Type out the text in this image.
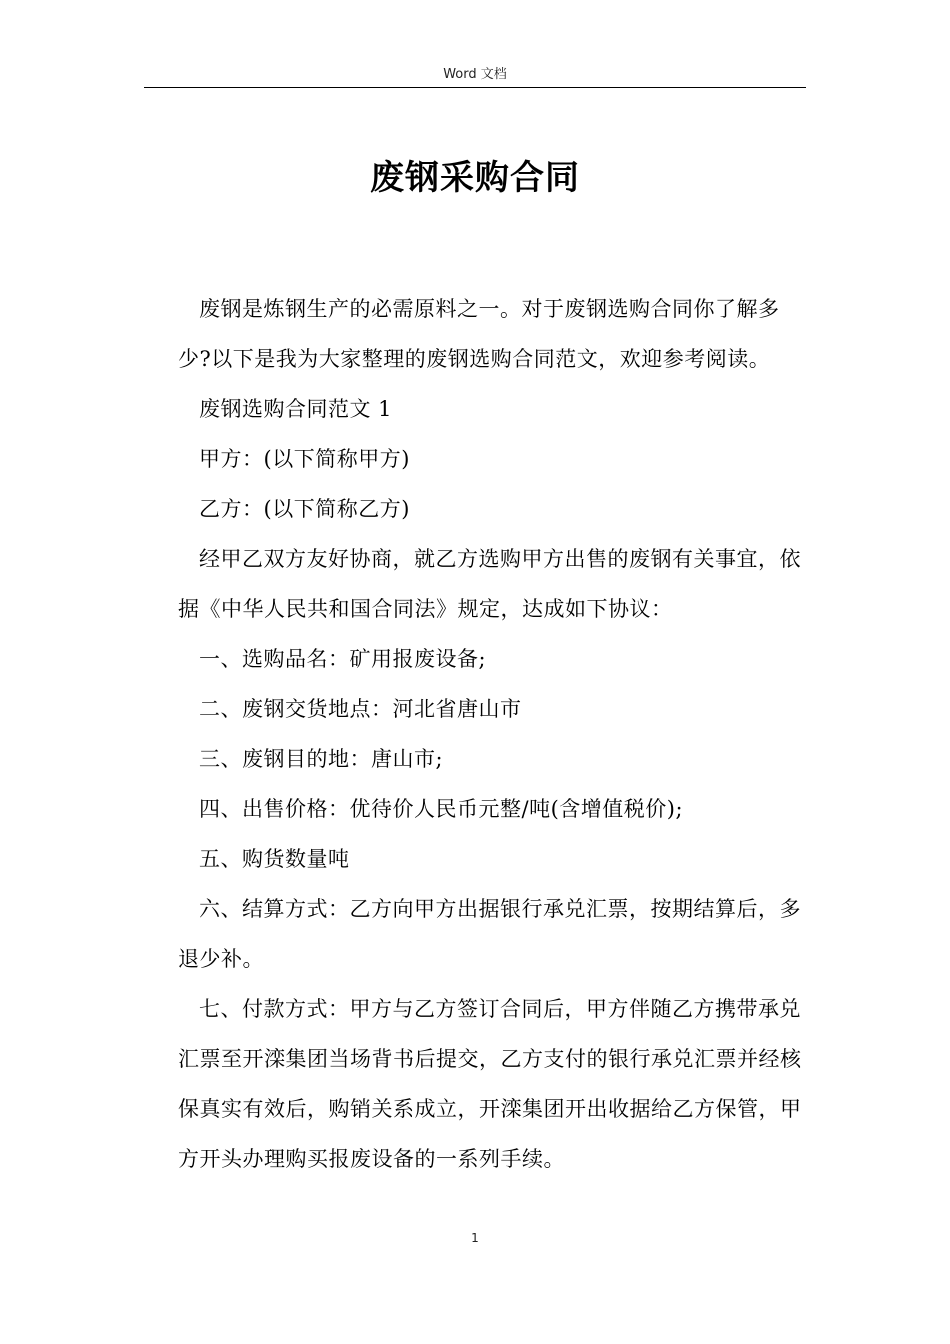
Word 文档
废钢采购合同

废钢是炼钢生产的必需原料之一。对于废钢选购合同你了解多少?以下是我为大家整理的废钢选购合同范文，欢迎参考阅读。

废钢选购合同范文 1

甲方：(以下简称甲方)

乙方：(以下简称乙方)

经甲乙双方友好协商，就乙方选购甲方出售的废钢有关事宜，依据《中华人民共和国合同法》规定，达成如下协议：

一、选购品名：矿用报废设备;

二、废钢交货地点：河北省唐山市

三、废钢目的地：唐山市;

四、出售价格：优待价人民币元整/吨(含增值税价);

五、购货数量吨

六、结算方式：乙方向甲方出据银行承兑汇票，按期结算后，多退少补。

七、付款方式：甲方与乙方签订合同后，甲方伴随乙方携带承兑汇票至开滦集团当场背书后提交，乙方支付的银行承兑汇票并经核保真实有效后，购销关系成立，开滦集团开出收据给乙方保管，甲方开头办理购买报废设备的一系列手续。

1
